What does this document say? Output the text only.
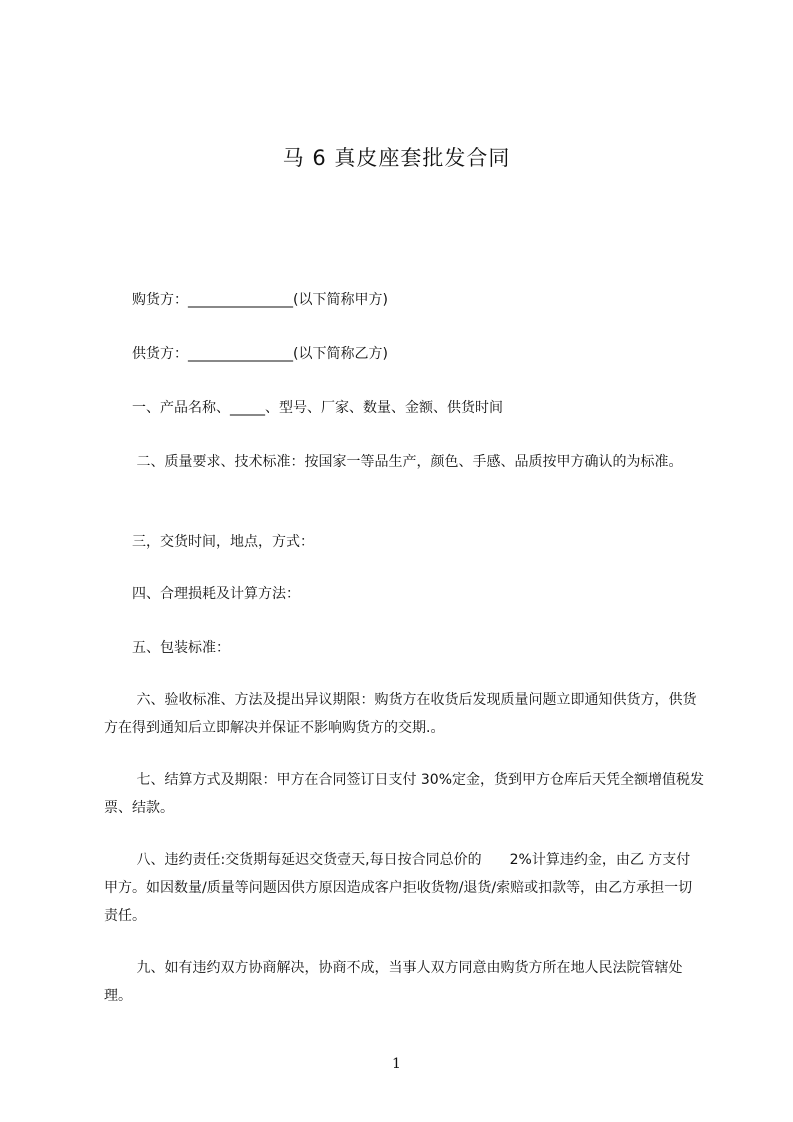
马 6 真皮座套批发合同
　　购货方：_______________(以下简称甲方)
　　供货方：_______________(以下简称乙方)
　　一、产品名称、_____、型号、厂家、数量、金额、供货时间
　　 二、质量要求、技术标准：按国家一等品生产，颜色、手感、品质按甲方确认的为标准。
　　三，交货时间，地点，方式：
　　四、合理损耗及计算方法：
　　五、包装标准：
　　 六、验收标准、方法及提出异议期限：购货方在收货后发现质量问题立即通知供货方，供货方在得到通知后立即解决并保证不影响购货方的交期.。
　　 七、结算方式及期限：甲方在合同签订日支付 30%定金，货到甲方仓库后天凭全额增值税发票、结款。
　　 八、违约责任:交货期每延迟交货壹天,每日按合同总价的　　2%计算违约金，由乙 方支付甲方。如因数量/质量等问题因供方原因造成客户拒收货物/退货/索赔或扣款等，由乙方承担一切责任。
　　 九、如有违约双方协商解决，协商不成，当事人双方同意由购货方所在地人民法院管辖处理。
1
